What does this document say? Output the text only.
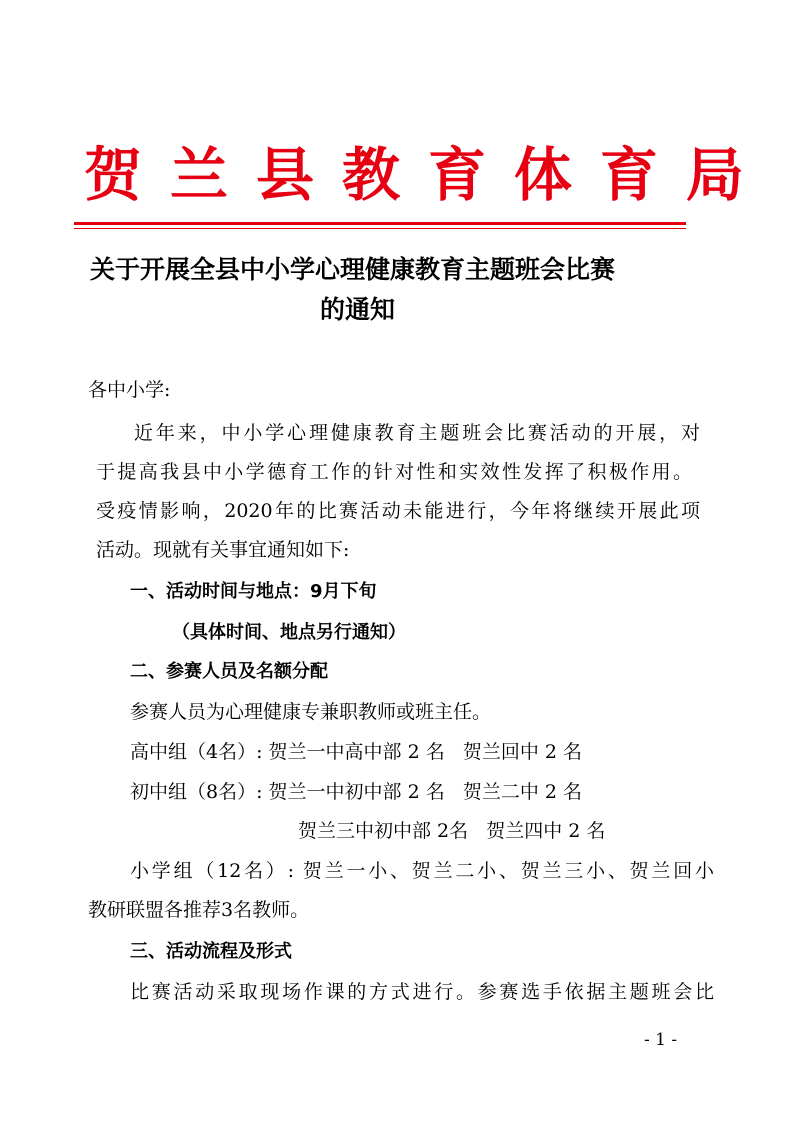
贺 兰 县 教 育 体 育 局
关于开展全县中小学心理健康教育主题班会比赛
的通知
各中小学:
近年来，中小学心理健康教育主题班会比赛活动的开展，对
于提高我县中小学德育工作的针对性和实效性发挥了积极作用。
受疫情影响，2020年的比赛活动未能进行，今年将继续开展此项
活动。现就有关事宜通知如下:
一、活动时间与地点：9月下旬
（具体时间、地点另行通知）
二、参赛人员及名额分配
参赛人员为心理健康专兼职教师或班主任。
高中组（4名）: 贺兰一中高中部 2 名   贺兰回中 2 名
初中组（8名）: 贺兰一中初中部 2 名   贺兰二中 2 名
贺兰三中初中部 2名   贺兰四中 2 名
小学组（12名）: 贺兰一小、贺兰二小、贺兰三小、贺兰回小
教研联盟各推荐3名教师。
三、活动流程及形式
比赛活动采取现场作课的方式进行。参赛选手依据主题班会比
- 1 -
